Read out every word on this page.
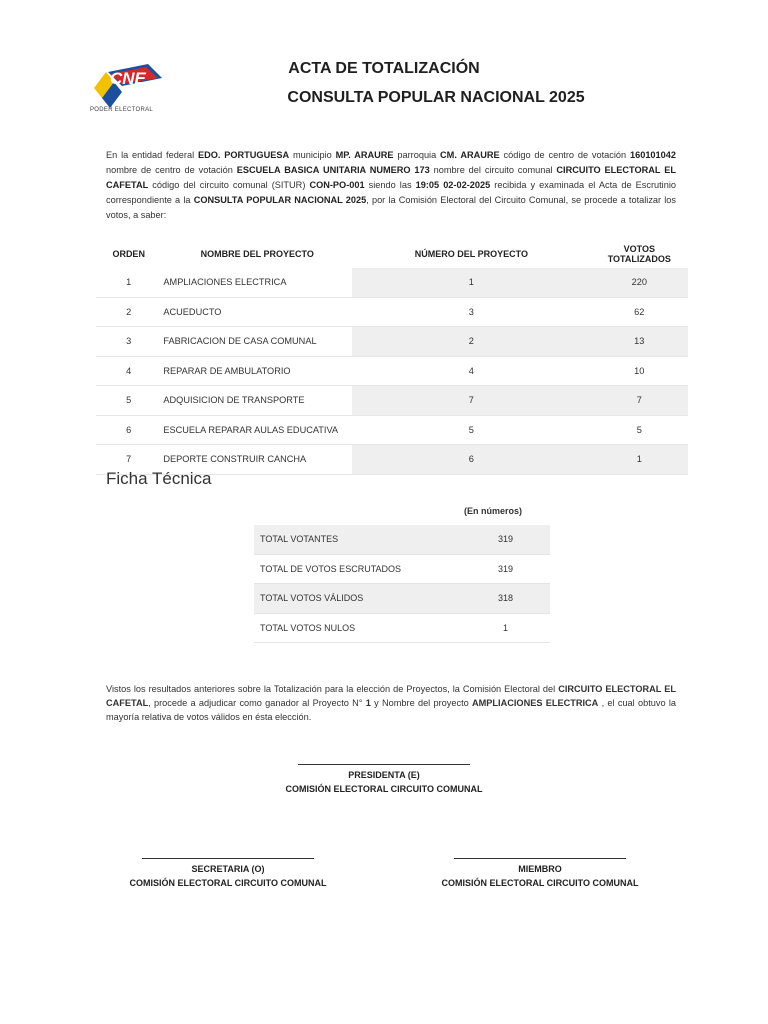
CNE
PODER ELECTORAL
ACTA DE TOTALIZACIÓN
CONSULTA POPULAR NACIONAL 2025
En la entidad federal EDO. PORTUGUESA municipio MP. ARAURE parroquia CM. ARAURE código de centro de votación 160101042 nombre de centro de votación ESCUELA BASICA UNITARIA NUMERO 173 nombre del circuito comunal CIRCUITO ELECTORAL EL CAFETAL código del circuito comunal (SITUR) CON-PO-001 siendo las 19:05 02-02-2025 recibida y examinada el Acta de Escrutinio correspondiente a la CONSULTA POPULAR NACIONAL 2025, por la Comisión Electoral del Circuito Comunal, se procede a totalizar los votos, a saber:
ORDEN	NOMBRE DEL PROYECTO	NÚMERO DEL PROYECTO	VOTOS TOTALIZADOS
1	AMPLIACIONES ELECTRICA	1	220
2	ACUEDUCTO	3	62
3	FABRICACION DE CASA COMUNAL	2	13
4	REPARAR DE AMBULATORIO	4	10
5	ADQUISICION DE TRANSPORTE	7	7
6	ESCUELA REPARAR AULAS EDUCATIVA	5	5
7	DEPORTE CONSTRUIR CANCHA	6	1
Ficha Técnica
(En números)
TOTAL VOTANTES	319
TOTAL DE VOTOS ESCRUTADOS	319
TOTAL VOTOS VÁLIDOS	318
TOTAL VOTOS NULOS	1
Vistos los resultados anteriores sobre la Totalización para la elección de Proyectos, la Comisión Electoral del CIRCUITO ELECTORAL EL CAFETAL, procede a adjudicar como ganador al Proyecto N° 1 y Nombre del proyecto AMPLIACIONES ELECTRICA , el cual obtuvo la mayoría relativa de votos válidos en ésta elección.
PRESIDENTA (E)
COMISIÓN ELECTORAL CIRCUITO COMUNAL
SECRETARIA (O)
COMISIÓN ELECTORAL CIRCUITO COMUNAL
MIEMBRO
COMISIÓN ELECTORAL CIRCUITO COMUNAL
